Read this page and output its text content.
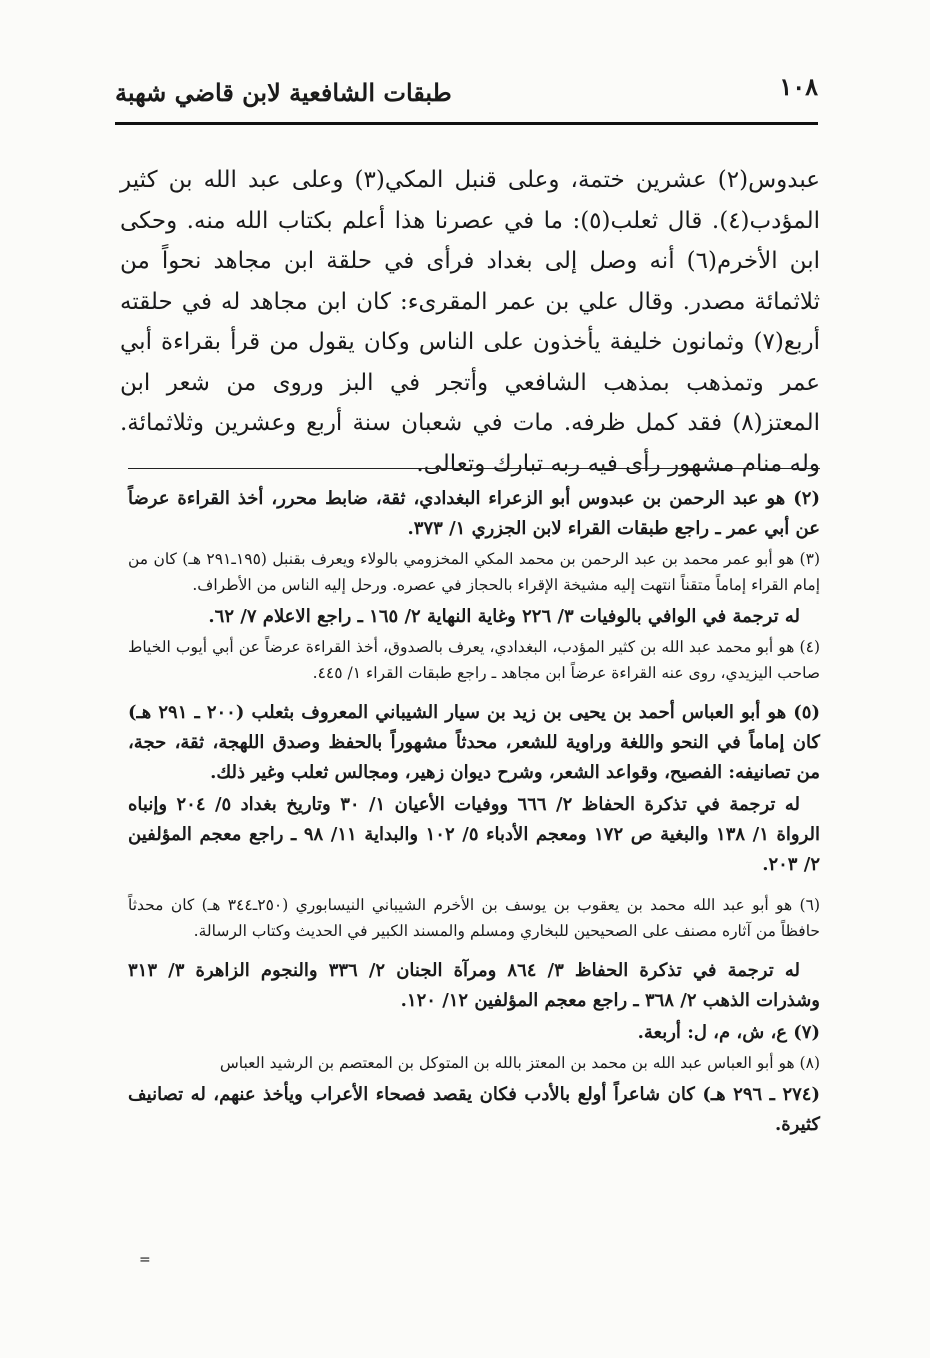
١٠٨
طبقات الشافعية لابن قاضي شهبة

عبدوس(٢) عشرين ختمة، وعلى قنبل المكي(٣) وعلى عبد الله بن كثير المؤدب(٤). قال ثعلب(٥): ما في عصرنا هذا أعلم بكتاب الله منه. وحكى ابن الأخرم(٦) أنه وصل إلى بغداد فرأى في حلقة ابن مجاهد نحواً من ثلاثمائة مصدر. وقال علي بن عمر المقرىء: كان ابن مجاهد له في حلقته أربع(٧) وثمانون خليفة يأخذون على الناس وكان يقول من قرأ بقراءة أبي عمر وتمذهب بمذهب الشافعي وأتجر في البز وروى من شعر ابن المعتز(٨) فقد كمل ظرفه. مات في شعبان سنة أربع وعشرين وثلاثمائة. وله منام مشهور رأى فيه ربه تبارك وتعالى.

(٢) هو عبد الرحمن بن عبدوس أبو الزعراء البغدادي، ثقة، ضابط محرر، أخذ القراءة عرضاً عن أبي عمر ـ راجع طبقات القراء لابن الجزري ١/ ٣٧٣.

(٣) هو أبو عمر محمد بن عبد الرحمن بن محمد المكي المخزومي بالولاء ويعرف بقنبل (١٩٥ـ٢٩١ هـ) كان من إمام القراء إماماً متقناً انتهت إليه مشيخة الإقراء بالحجاز في عصره. ورحل إليه الناس من الأطراف.

له ترجمة في الوافي بالوفيات ٣/ ٢٢٦ وغاية النهاية ٢/ ١٦٥ ـ راجع الاعلام ٧/ ٦٢.

(٤) هو أبو محمد عبد الله بن كثير المؤدب، البغدادي، يعرف بالصدوق، أخذ القراءة عرضاً عن أبي أيوب الخياط صاحب اليزيدي، روى عنه القراءة عرضاً ابن مجاهد ـ راجع طبقات القراء ١/ ٤٤٥.

(٥) هو أبو العباس أحمد بن يحيى بن زيد بن سيار الشيباني المعروف بثعلب (٢٠٠ ـ ٢٩١ هـ) كان إماماً في النحو واللغة وراوية للشعر، محدثاً مشهوراً بالحفظ وصدق اللهجة، ثقة، حجة، من تصانيفه: الفصيح، وقواعد الشعر، وشرح ديوان زهير، ومجالس ثعلب وغير ذلك.

له ترجمة في تذكرة الحفاظ ٢/ ٦٦٦ ووفيات الأعيان ١/ ٣٠ وتاريخ بغداد ٥/ ٢٠٤ وإنباه الرواة ١/ ١٣٨ والبغية ص ١٧٢ ومعجم الأدباء ٥/ ١٠٢ والبداية ١١/ ٩٨ ـ راجع معجم المؤلفين ٢/ ٢٠٣.

(٦) هو أبو عبد الله محمد بن يعقوب بن يوسف بن الأخرم الشيباني النيسابوري (٢٥٠ـ٣٤٤ هـ) كان محدثاً حافظاً من آثاره مصنف على الصحيحين للبخاري ومسلم والمسند الكبير في الحديث وكتاب الرسالة.

له ترجمة في تذكرة الحفاظ ٣/ ٨٦٤ ومرآة الجنان ٢/ ٣٣٦ والنجوم الزاهرة ٣/ ٣١٣ وشذرات الذهب ٢/ ٣٦٨ ـ راجع معجم المؤلفين ١٢/ ١٢٠.

(٧) ع، ش، م، ل: أربعة.

(٨) هو أبو العباس عبد الله بن محمد بن المعتز بالله بن المتوكل بن المعتصم بن الرشيد العباس

(٢٧٤ ـ ٢٩٦ هـ) كان شاعراً أولع بالأدب فكان يقصد فصحاء الأعراب ويأخذ عنهم، له تصانيف كثيرة.

=
